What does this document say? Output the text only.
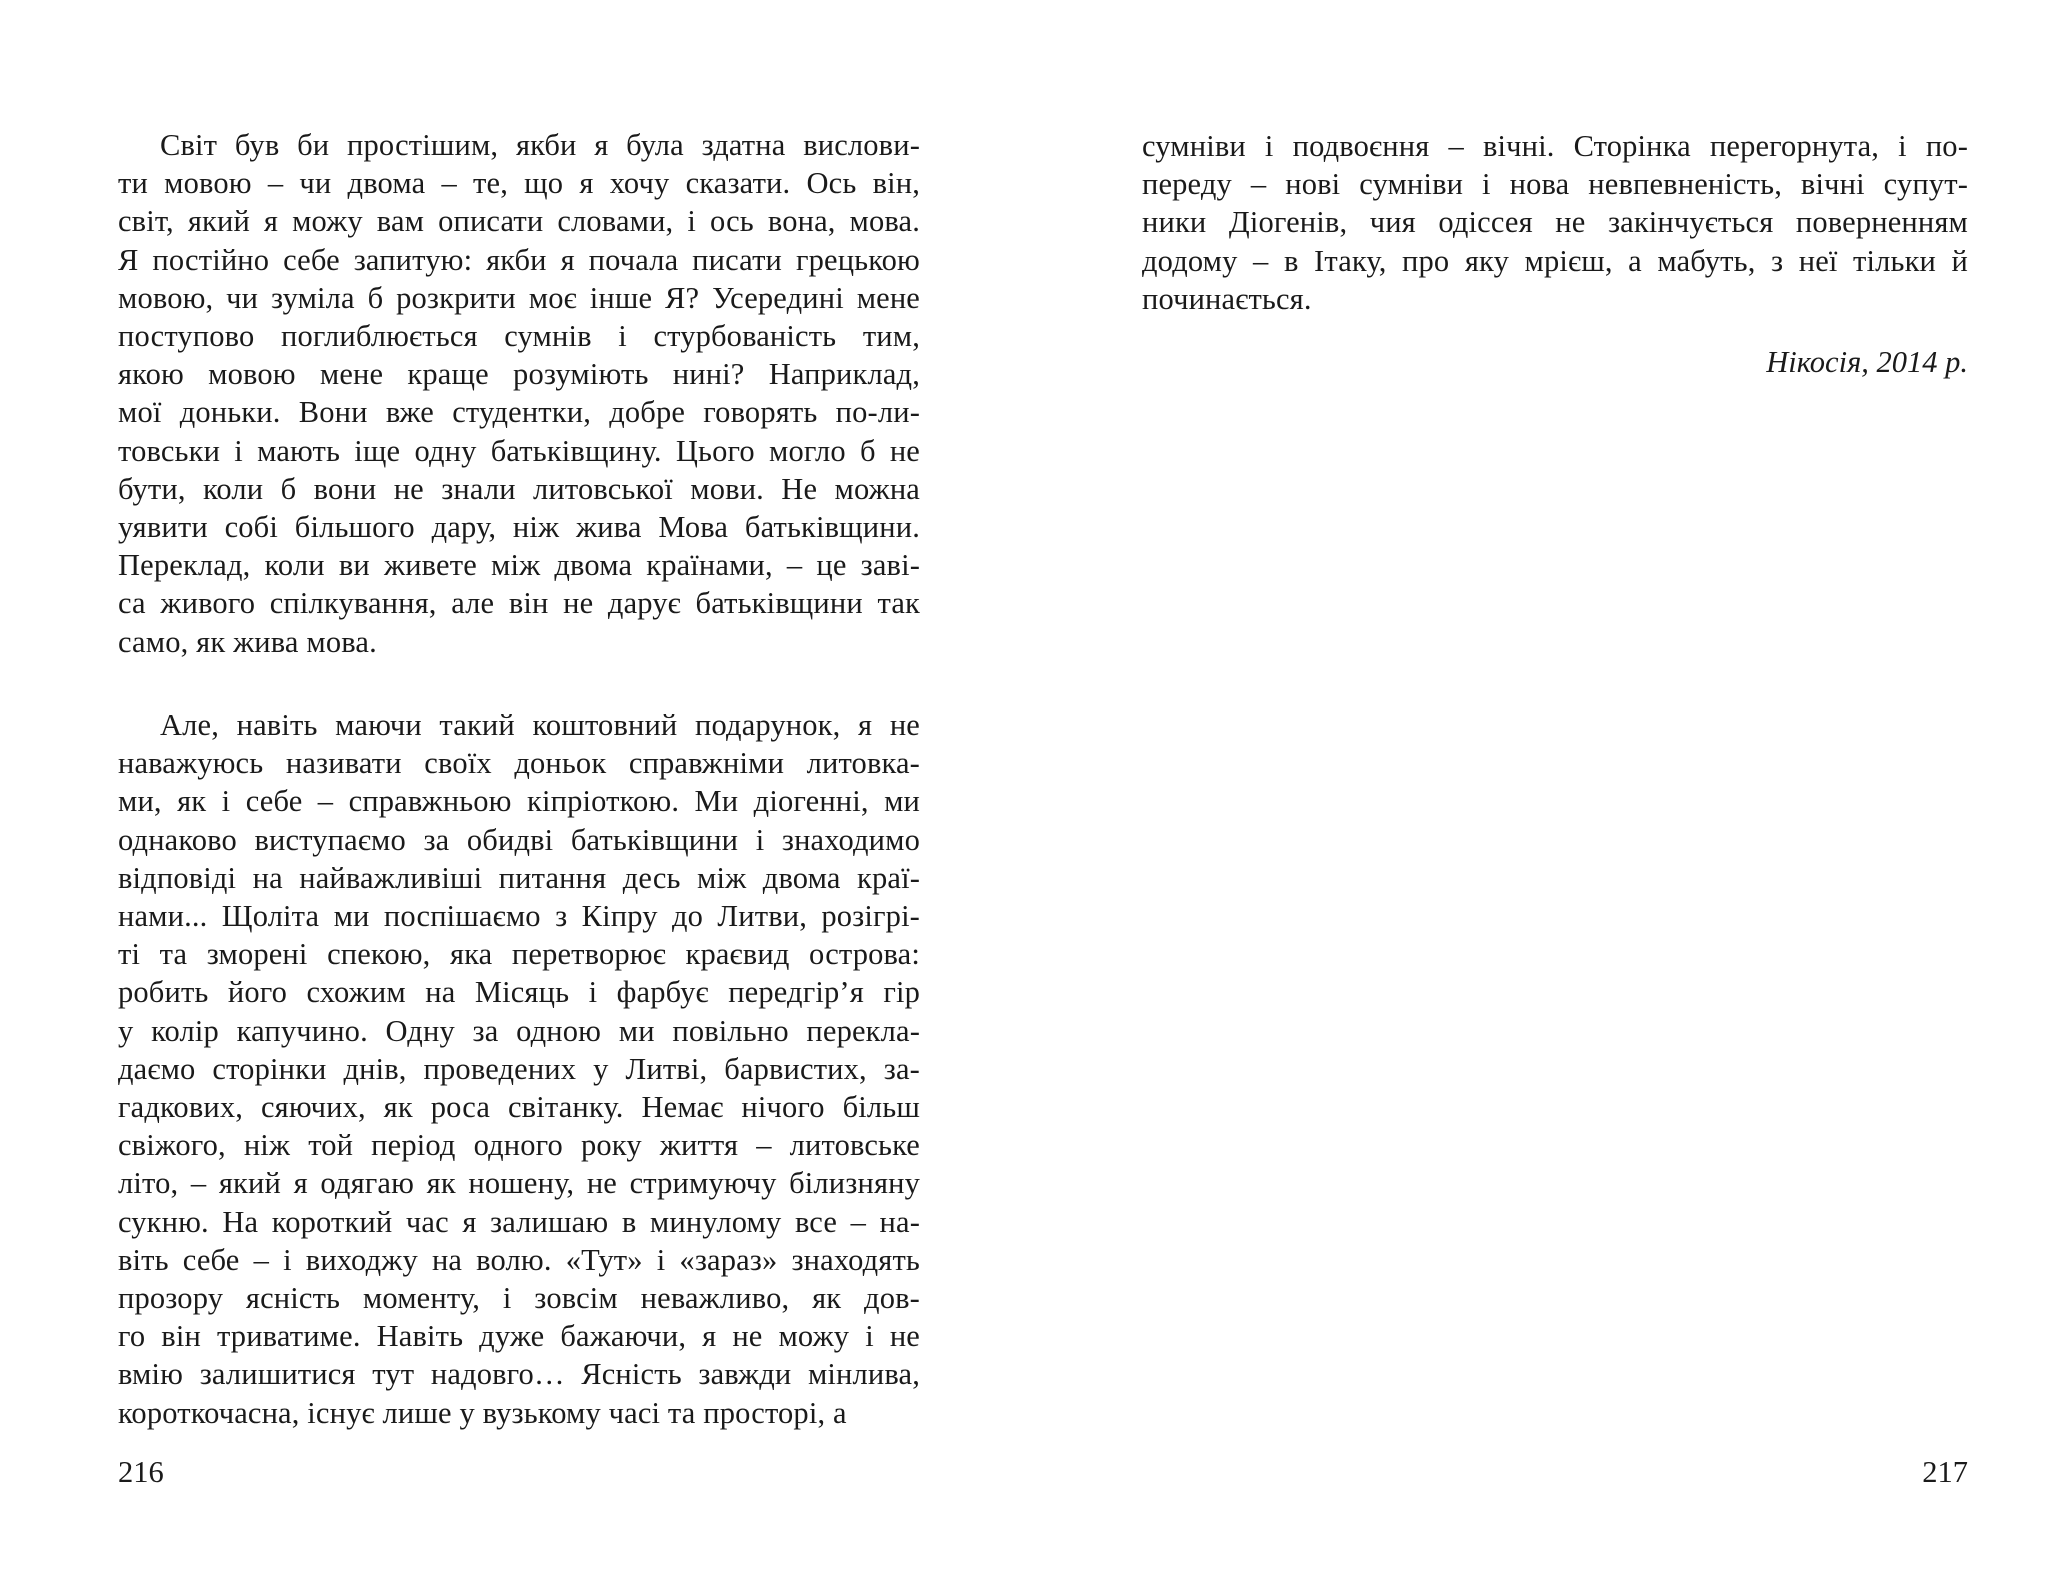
Світ був би простішим, якби я була здатна вислови-
ти мовою – чи двома – те, що я хочу сказати. Ось він,
світ, який я можу вам описати словами, і ось вона, мова.
Я постійно себе запитую: якби я почала писати грецькою
мовою, чи зуміла б розкрити моє інше Я? Усередині мене
поступово поглиблюється сумнів і стурбованість тим,
якою мовою мене краще розуміють нині? Наприклад,
мої доньки. Вони вже студентки, добре говорять по-ли-
товськи і мають іще одну батьківщину. Цього могло б не
бути, коли б вони не знали литовської мови. Не можна
уявити собі більшого дару, ніж жива Мова батьківщини.
Переклад, коли ви живете між двома країнами, – це заві-
са живого спілкування, але він не дарує батьківщини так
само, як жива мова.
Але, навіть маючи такий коштовний подарунок, я не
наважуюсь називати своїх доньок справжніми литовка-
ми, як і себе – справжньою кіпріоткою. Ми діогенні, ми
однаково виступаємо за обидві батьківщини і знаходимо
відповіді на найважливіші питання десь між двома краї-
нами... Щоліта ми поспішаємо з Кіпру до Литви, розігрі-
ті та зморені спекою, яка перетворює краєвид острова:
робить його схожим на Місяць і фарбує передгір’я гір
у колір капучино. Одну за одною ми повільно перекла-
даємо сторінки днів, проведених у Литві, барвистих, за-
гадкових, сяючих, як роса світанку. Немає нічого більш
свіжого, ніж той період одного року життя – литовське
літо, – який я одягаю як ношену, не стримуючу білизняну
сукню. На короткий час я залишаю в минулому все – на-
віть себе – і виходжу на волю. «Тут» і «зараз» знаходять
прозору ясність моменту, і зовсім неважливо, як дов-
го він триватиме. Навіть дуже бажаючи, я не можу і не
вмію залишитися тут надовго… Ясність завжди мінлива,
короткочасна, існує лише у вузькому часі та просторі, а
216
сумніви і подвоєння – вічні. Сторінка перегорнута, і по-
переду – нові сумніви і нова невпевненість, вічні супут-
ники Діогенів, чия одіссея не закінчується поверненням
додому – в Ітаку, про яку мрієш, а мабуть, з неї тільки й
починається.
Нікосія, 2014 р.
217
